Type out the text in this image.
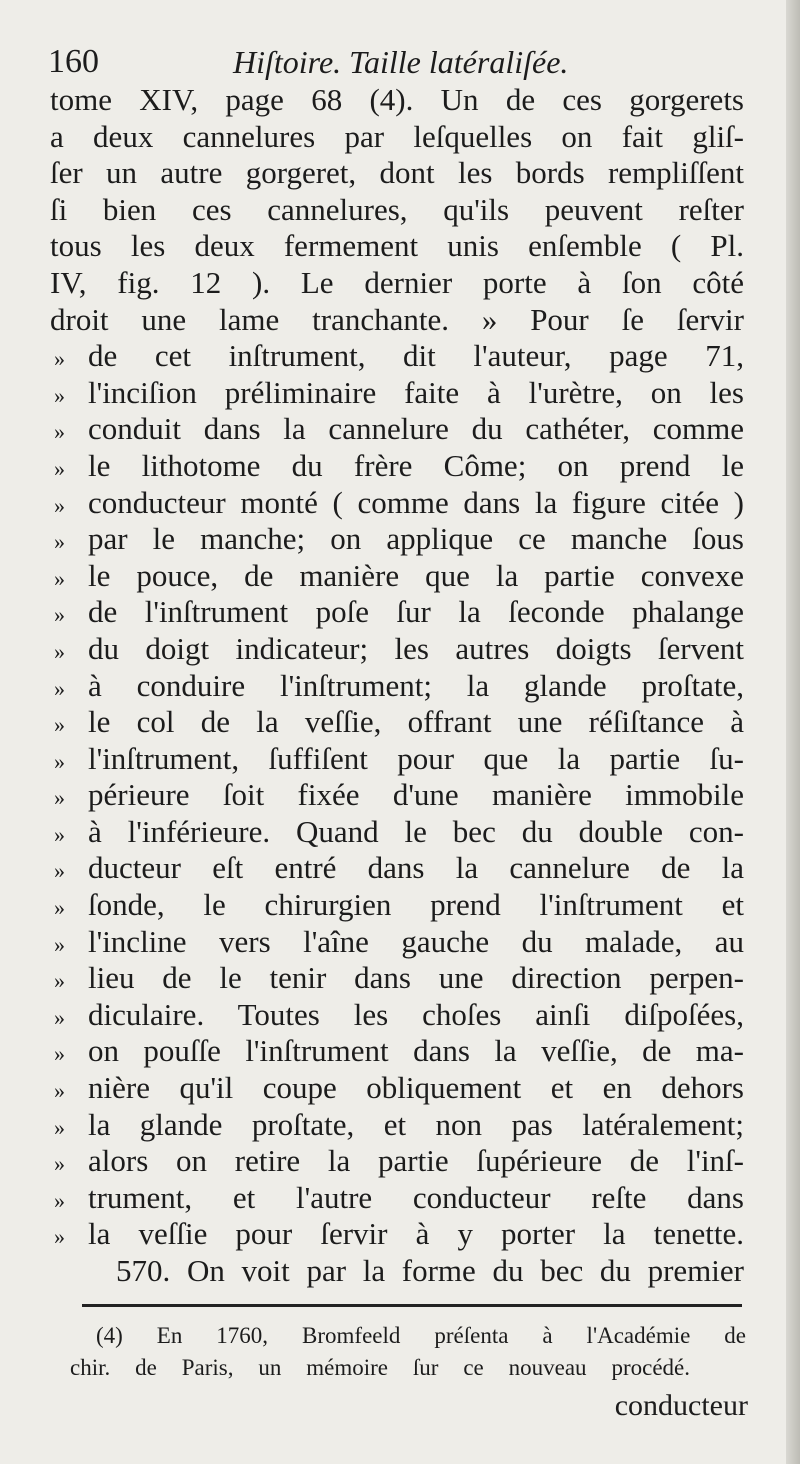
160	Hiſtoire. Taille latéraliſée.
tome XIV, page 68 (4). Un de ces gorgerets
a deux cannelures par leſquelles on fait gliſ-
ſer un autre gorgeret, dont les bords rempliſſent
ſi bien ces cannelures, qu'ils peuvent reſter
tous les deux fermement unis enſemble ( Pl.
IV, fig. 12 ). Le dernier porte à ſon côté
droit une lame tranchante. » Pour ſe ſervir
» de cet inſtrument, dit l'auteur, page 71,
» l'inciſion préliminaire faite à l'urètre, on les
» conduit dans la cannelure du cathéter, comme
» le lithotome du frère Côme; on prend le
» conducteur monté ( comme dans la figure citée )
» par le manche; on applique ce manche ſous
» le pouce, de manière que la partie convexe
» de l'inſtrument poſe ſur la ſeconde phalange
» du doigt indicateur; les autres doigts ſervent
» à conduire l'inſtrument; la glande proſtate,
» le col de la veſſie, offrant une réſiſtance à
» l'inſtrument, ſuffiſent pour que la partie ſu-
» périeure ſoit fixée d'une manière immobile
» à l'inférieure. Quand le bec du double con-
» ducteur eſt entré dans la cannelure de la
» ſonde, le chirurgien prend l'inſtrument et
» l'incline vers l'aîne gauche du malade, au
» lieu de le tenir dans une direction perpen-
» diculaire. Toutes les choſes ainſi diſpoſées,
» on pouſſe l'inſtrument dans la veſſie, de ma-
» nière qu'il coupe obliquement et en dehors
» la glande proſtate, et non pas latéralement;
» alors on retire la partie ſupérieure de l'inſ-
» trument, et l'autre conducteur reſte dans
» la veſſie pour ſervir à y porter la tenette.
570. On voit par la forme du bec du premier
(4) En 1760, Bromfeeld préſenta à l'Académie de
chir. de Paris, un mémoire ſur ce nouveau procédé.
conducteur
